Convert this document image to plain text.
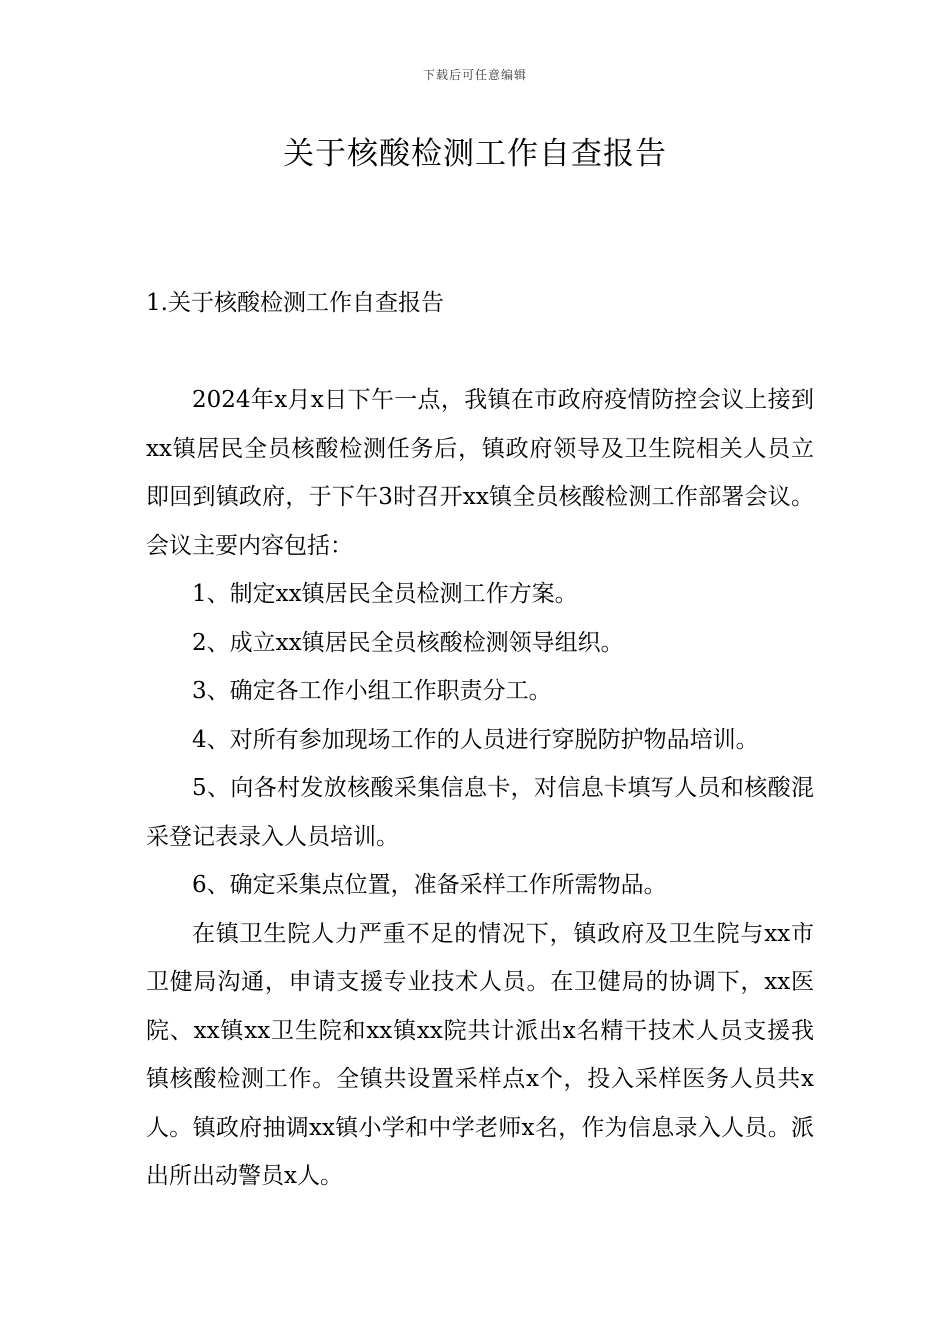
下载后可任意编辑
关于核酸检测工作自查报告
1.关于核酸检测工作自查报告

2024年x月x日下午一点，我镇在市政府疫情防控会议上接到xx镇居民全员核酸检测任务后，镇政府领导及卫生院相关人员立即回到镇政府，于下午3时召开xx镇全员核酸检测工作部署会议。会议主要内容包括：

1、制定xx镇居民全员检测工作方案。

2、成立xx镇居民全员核酸检测领导组织。

3、确定各工作小组工作职责分工。

4、对所有参加现场工作的人员进行穿脱防护物品培训。

5、向各村发放核酸采集信息卡，对信息卡填写人员和核酸混采登记表录入人员培训。

6、确定采集点位置，准备采样工作所需物品。

在镇卫生院人力严重不足的情况下，镇政府及卫生院与xx市卫健局沟通，申请支援专业技术人员。在卫健局的协调下，xx医院、xx镇xx卫生院和xx镇xx院共计派出x名精干技术人员支援我镇核酸检测工作。全镇共设置采样点x个，投入采样医务人员共x人。镇政府抽调xx镇小学和中学老师x名，作为信息录入人员。派出所出动警员x人。
